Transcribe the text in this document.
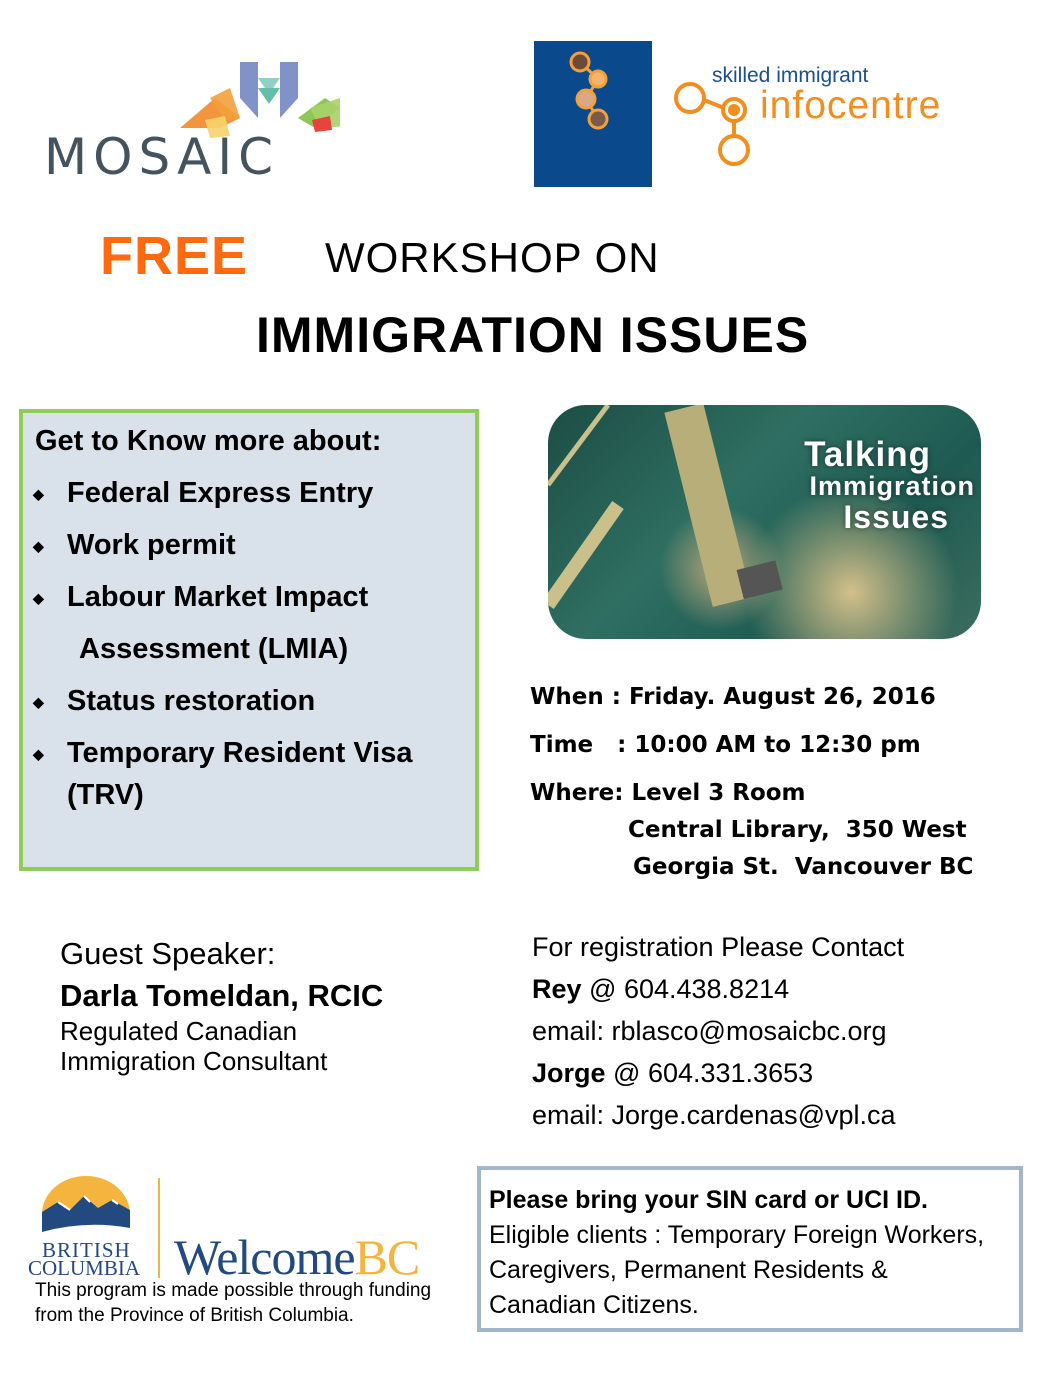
MOSAIC
skilled immigrant
infocentre
FREE WORKSHOP ON
IMMIGRATION ISSUES
Get to Know more about:
◆ Federal Express Entry
◆ Work permit
◆ Labour Market Impact
Assessment (LMIA)
◆ Status restoration
◆ Temporary Resident Visa
(TRV)
Talking
Immigration
Issues
When : Friday. August 26, 2016
Time   : 10:00 AM to 12:30 pm
Where: Level 3 Room
Central Library,  350 West
Georgia St.  Vancouver BC
Guest Speaker:
Darla Tomeldan, RCIC
Regulated Canadian
Immigration Consultant
For registration Please Contact
Rey @ 604.438.8214
email: rblasco@mosaicbc.org
Jorge @ 604.331.3653
email: Jorge.cardenas@vpl.ca
BRITISH
COLUMBIA WelcomeBC
This program is made possible through funding
from the Province of British Columbia.
Please bring your SIN card or UCI ID.
Eligible clients : Temporary Foreign Workers,
Caregivers, Permanent Residents &
Canadian Citizens.
